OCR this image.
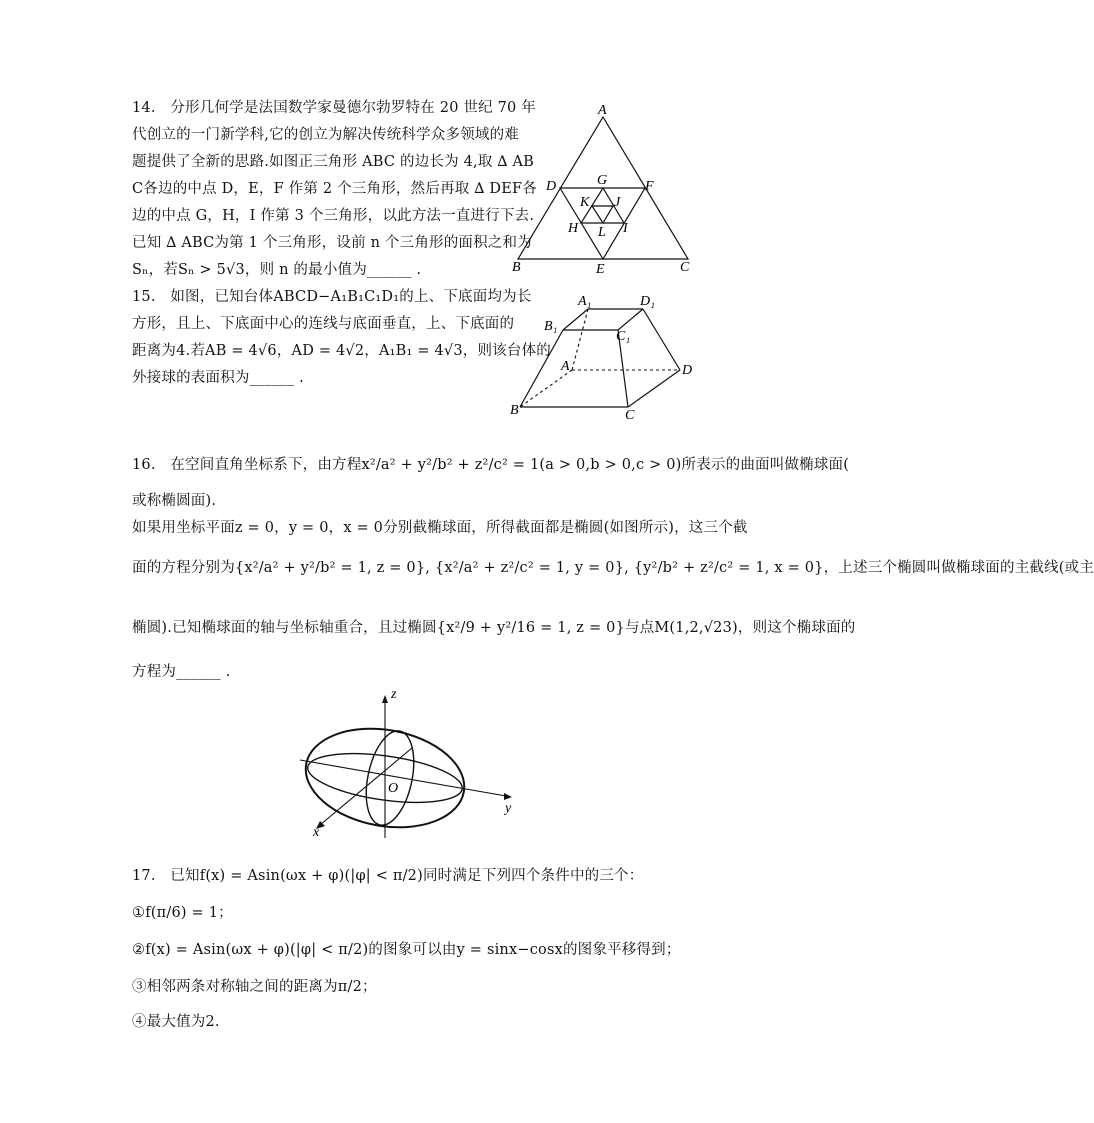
14.　分形几何学是法国数学家曼德尔勃罗特在 20 世纪 70 年
代创立的一门新学科,它的创立为解决传统科学众多领域的难
题提供了全新的思路.如图正三角形 ABC 的边长为 4,取 ∆ AB
C各边的中点 D，E，F 作第 2 个三角形，然后再取 ∆ DEF各
边的中点 G，H，I 作第 3 个三角形，以此方法一直进行下去.
已知 ∆ ABC为第 1 个三角形，设前 n 个三角形的面积之和为
Sₙ，若Sₙ > 5√3，则 n 的最小值为______ .
A
B	C
D
E
F
G
H	I
J
K
L
15.　如图，已知台体ABCD−A₁B₁C₁D₁的上、下底面均为长
方形，且上、下底面中心的连线与底面垂直，上、下底面的
距离为4.若AB = 4√6，AD = 4√2，A₁B₁ = 4√3，则该台体的
外接球的表面积为______ .
A₁	D₁
B₁
C₁
A	D
B	C
16.　在空间直角坐标系下，由方程x²/a² + y²/b² + z²/c² = 1(a > 0,b > 0,c > 0)所表示的曲面叫做椭球面(
或称椭圆面).
如果用坐标平面z = 0，y = 0，x = 0分别截椭球面，所得截面都是椭圆(如图所示)，这三个截
面的方程分别为{x²/a² + y²/b² = 1, z = 0}, {x²/a² + z²/c² = 1, y = 0}, {y²/b² + z²/c² = 1, x = 0}，上述三个椭圆叫做椭球面的主截线(或主
椭圆).已知椭球面的轴与坐标轴重合，且过椭圆{x²/9 + y²/16 = 1, z = 0}与点M(1,2,√23)，则这个椭球面的
方程为______ .
z
O
y
x
17.　已知f(x) = Asin(ωx + φ)(|φ| < π/2)同时满足下列四个条件中的三个：
①f(π/6) = 1；
②f(x) = Asin(ωx + φ)(|φ| < π/2)的图象可以由y = sinx−cosx的图象平移得到；
③相邻两条对称轴之间的距离为π/2；
④最大值为2.
